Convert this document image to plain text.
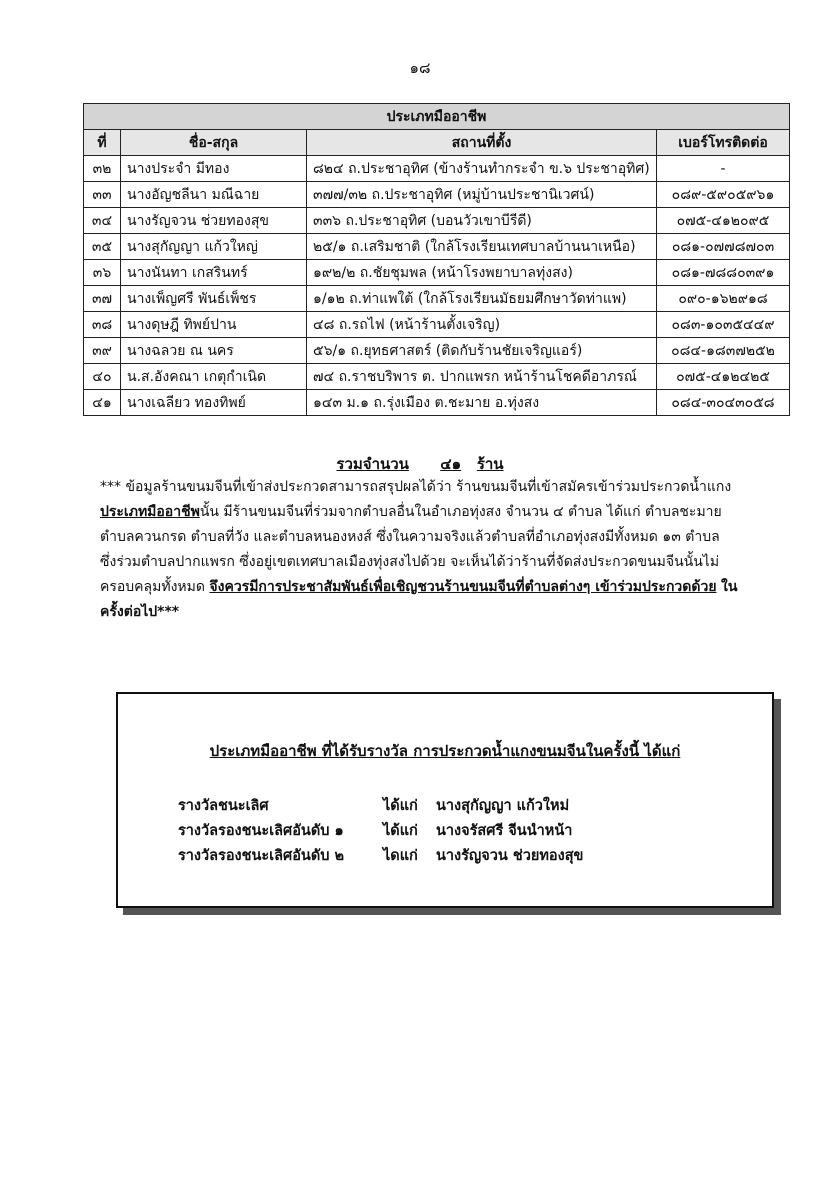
๑๘
ประเภทมืออาชีพ			
ที่	ชื่อ-สกุล	สถานที่ตั้ง	เบอร์โทรติดต่อ
๓๒	นางประจำ มีทอง	๘๒๔ ถ.ประชาอุทิศ (ข้างร้านทำกระจำ ข.๖ ประชาอุทิศ)	-
๓๓	นางอัญชลีนา มณีฉาย	๓๗๗/๓๒ ถ.ประชาอุทิศ (หมู่บ้านประชานิเวศน์)	๐๘๙-๕๙๐๕๙๖๑
๓๔	นางรัญจวน ช่วยทองสุข	๓๓๖ ถ.ประชาอุทิศ (บอนวัวเขาบีรีดี)	๐๗๕-๔๑๒๐๙๕
๓๕	นางสุกัญญา แก้วใหญ่	๒๕/๑ ถ.เสริมชาติ (ใกล้โรงเรียนเทศบาลบ้านนาเหนือ)	๐๘๑-๐๗๗๘๗๐๓
๓๖	นางนันทา เกสรินทร์	๑๙๒/๒ ถ.ชัยชุมพล (หน้าโรงพยาบาลทุ่งสง)	๐๘๑-๗๘๘๐๓๙๑
๓๗	นางเพ็ญศรี พันธ์เพ็ชร	๑/๑๒ ถ.ท่าแพใต้ (ใกล้โรงเรียนมัธยมศึกษาวัดท่าแพ)	๐๙๐-๑๖๒๙๑๘
๓๘	นางดุษฎี ทิพย์ปาน	๔๘ ถ.รถไฟ (หน้าร้านตั้งเจริญ)	๐๘๓-๑๐๓๕๔๔๙
๓๙	นางฉลวย ณ นคร	๕๖/๑ ถ.ยุทธศาสตร์ (ติดกับร้านชัยเจริญแอร์)	๐๘๔-๑๘๓๗๒๕๒
๔๐	น.ส.อังคณา เกตุกำเนิด	๗๔ ถ.ราชบริพาร ต. ปากแพรก หน้าร้านโชคดีอาภรณ์	๐๗๕-๔๑๒๔๒๕
๔๑	นางเฉลียว ทองทิพย์	๑๔๓ ม.๑ ถ.รุ่งเมือง ต.ชะมาย อ.ทุ่งสง	๐๘๔-๓๐๔๓๐๕๘
รวมจำนวน ๔๑ ร้าน
*** ข้อมูลร้านขนมจีนที่เข้าส่งประกวดสามารถสรุปผลได้ว่า ร้านขนมจีนที่เข้าสมัครเข้าร่วมประกวดน้ำแกง ประเภทมืออาชีพนั้น มีร้านขนมจีนที่ร่วมจากตำบลอื่นในอำเภอทุ่งสง จำนวน ๔ ตำบล ได้แก่ ตำบลชะมาย ตำบลควนกรด ตำบลที่วัง และตำบลหนองหงส์ ซึ่งในความจริงแล้วตำบลที่อำเภอทุ่งสงมีทั้งหมด ๑๓ ตำบล ซึ่งร่วมตำบลปากแพรก ซึ่งอยู่เขตเทศบาลเมืองทุ่งสงไปด้วย จะเห็นได้ว่าร้านที่จัดส่งประกวดขนมจีนนั้นไม่ครอบคลุมทั้งหมด จึงควรมีการประชาสัมพันธ์เพื่อเชิญชวนร้านขนมจีนที่ตำบลต่างๆ เข้าร่วมประกวดด้วย ในครั้งต่อไป***
ประเภทมืออาชีพ ที่ได้รับรางวัล การประกวดน้ำแกงขนมจีนในครั้งนี้ ได้แก่
รางวัลชนะเลิศ	ได้แก่ นางสุกัญญา แก้วใหม่
รางวัลรองชนะเลิศอันดับ ๑	ได้แก่ นางจรัสศรี จีนนำหน้า
รางวัลรองชนะเลิศอันดับ ๒	ไดแก่ นางรัญจวน ช่วยทองสุข
